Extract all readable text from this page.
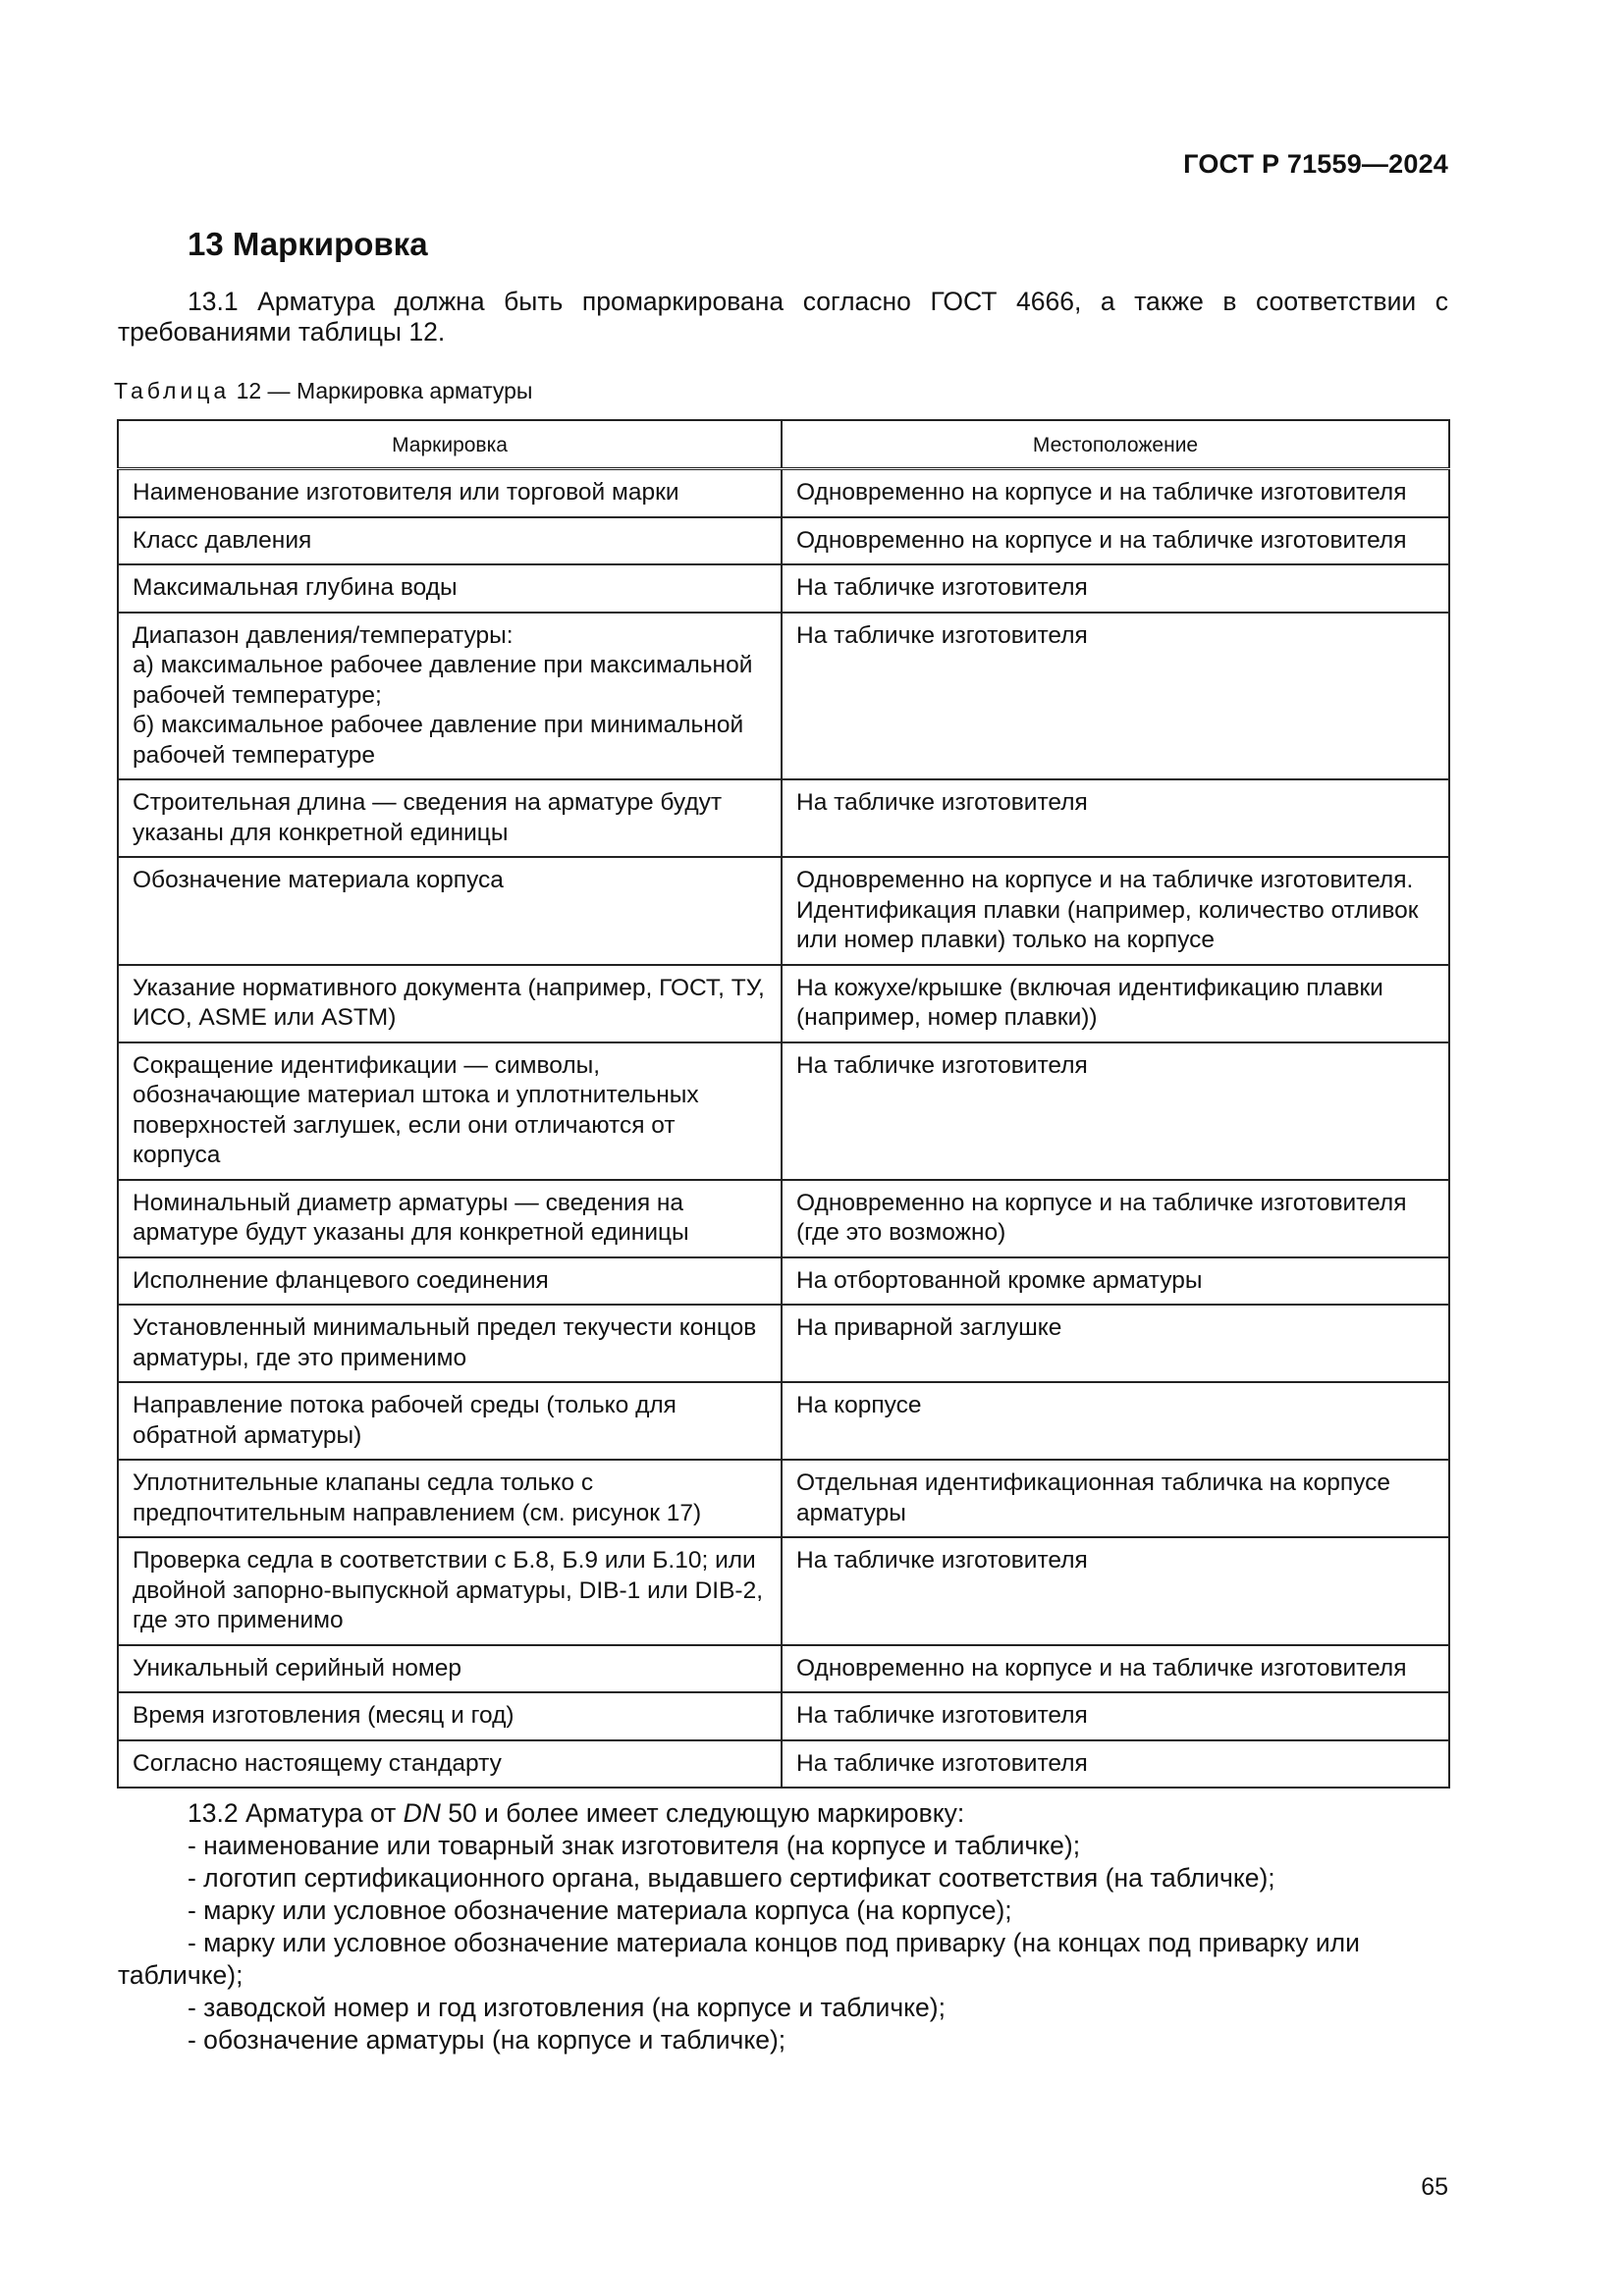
ГОСТ Р 71559—2024
13 Маркировка
13.1 Арматура должна быть промаркирована согласно ГОСТ 4666, а также в соответствии с требованиями таблицы 12.
Таблица 12 — Маркировка арматуры
Маркировка	Местоположение
Наименование изготовителя или торговой марки	Одновременно на корпусе и на табличке изготовителя
Класс давления	Одновременно на корпусе и на табличке изготовителя
Максимальная глубина воды	На табличке изготовителя
Диапазон давления/температуры:
а) максимальное рабочее давление при максимальной рабочей температуре;
б) максимальное рабочее давление при минимальной рабочей температуре	На табличке изготовителя
Строительная длина — сведения на арматуре будут указаны для конкретной единицы	На табличке изготовителя
Обозначение материала корпуса	Одновременно на корпусе и на табличке изготовителя. Идентификация плавки (например, количество отливок или номер плавки) только на корпусе
Указание нормативного документа (например, ГОСТ, ТУ, ИСО, ASME или ASTM)	На кожухе/крышке (включая идентификацию плавки (например, номер плавки))
Сокращение идентификации — символы, обозначающие материал штока и уплотнительных поверхностей заглушек, если они отличаются от корпуса	На табличке изготовителя
Номинальный диаметр арматуры — сведения на арматуре будут указаны для конкретной единицы	Одновременно на корпусе и на табличке изготовителя (где это возможно)
Исполнение фланцевого соединения	На отбортованной кромке арматуры
Установленный минимальный предел текучести концов арматуры, где это применимо	На приварной заглушке
Направление потока рабочей среды (только для обратной арматуры)	На корпусе
Уплотнительные клапаны седла только с предпочтительным направлением (см. рисунок 17)	Отдельная идентификационная табличка на корпусе арматуры
Проверка седла в соответствии с Б.8, Б.9 или Б.10; или двойной запорно-выпускной арматуры, DIB-1 или DIB-2, где это применимо	На табличке изготовителя
Уникальный серийный номер	Одновременно на корпусе и на табличке изготовителя
Время изготовления (месяц и год)	На табличке изготовителя
Согласно настоящему стандарту	На табличке изготовителя
13.2 Арматура от DN 50 и более имеет следующую маркировку:
- наименование или товарный знак изготовителя (на корпусе и табличке);
- логотип сертификационного органа, выдавшего сертификат соответствия (на табличке);
- марку или условное обозначение материала корпуса (на корпусе);
- марку или условное обозначение материала концов под приварку (на концах под приварку или табличке);
- заводской номер и год изготовления (на корпусе и табличке);
- обозначение арматуры (на корпусе и табличке);
65
